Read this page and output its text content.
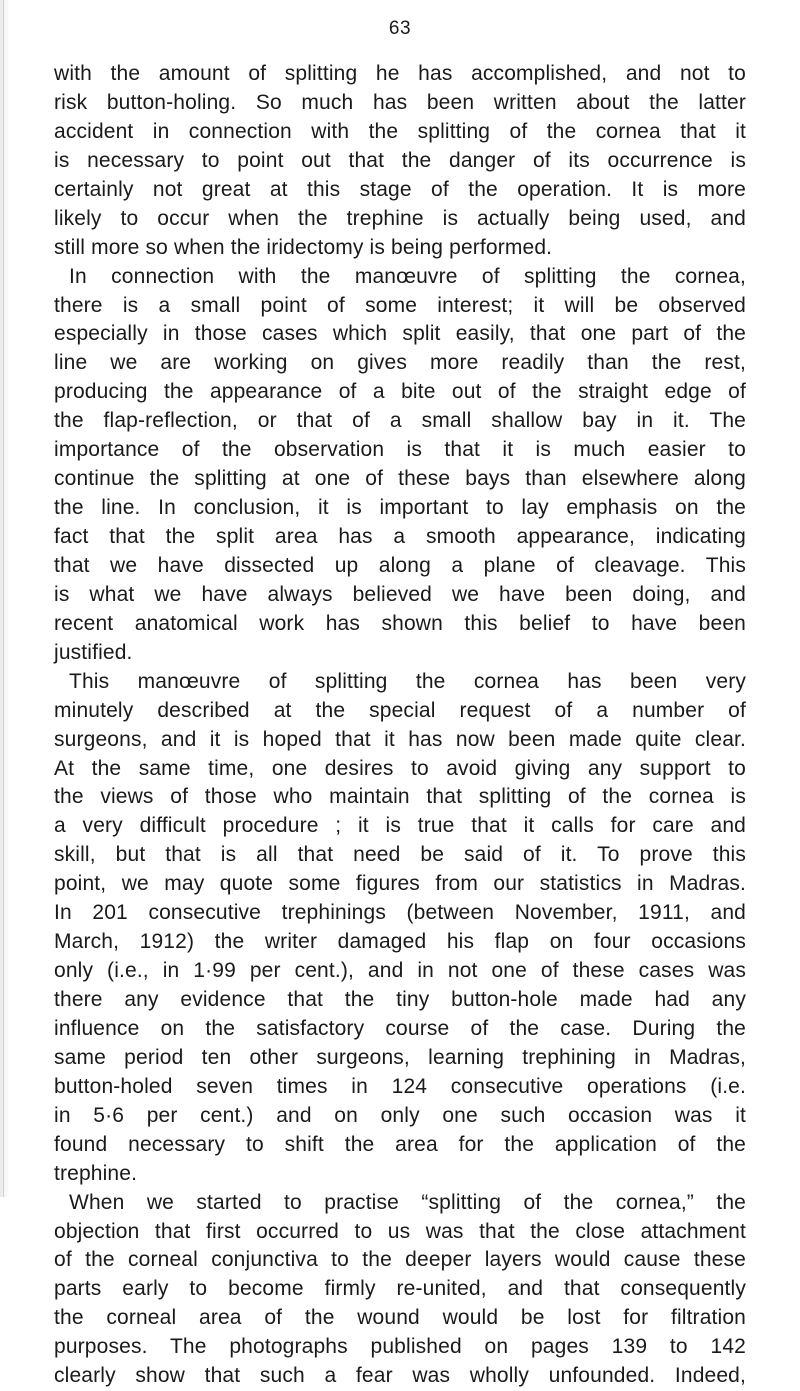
63
with the amount of splitting he has accomplished, and not to
risk button-holing. So much has been written about the latter
accident in connection with the splitting of the cornea that it
is necessary to point out that the danger of its occurrence is
certainly not great at this stage of the operation. It is more
likely to occur when the trephine is actually being used, and
still more so when the iridectomy is being performed.
In connection with the manœuvre of splitting the cornea,
there is a small point of some interest; it will be observed
especially in those cases which split easily, that one part of the
line we are working on gives more readily than the rest,
producing the appearance of a bite out of the straight edge of
the flap-reflection, or that of a small shallow bay in it. The
importance of the observation is that it is much easier to
continue the splitting at one of these bays than elsewhere along
the line. In conclusion, it is important to lay emphasis on the
fact that the split area has a smooth appearance, indicating
that we have dissected up along a plane of cleavage. This
is what we have always believed we have been doing, and
recent anatomical work has shown this belief to have been
justified.
This manœuvre of splitting the cornea has been very
minutely described at the special request of a number of
surgeons, and it is hoped that it has now been made quite clear.
At the same time, one desires to avoid giving any support to
the views of those who maintain that splitting of the cornea is
a very difficult procedure ; it is true that it calls for care and
skill, but that is all that need be said of it. To prove this
point, we may quote some figures from our statistics in Madras.
In 201 consecutive trephinings (between November, 1911, and
March, 1912) the writer damaged his flap on four occasions
only (i.e., in 1·99 per cent.), and in not one of these cases was
there any evidence that the tiny button-hole made had any
influence on the satisfactory course of the case. During the
same period ten other surgeons, learning trephining in Madras,
button-holed seven times in 124 consecutive operations (i.e.
in 5·6 per cent.) and on only one such occasion was it
found necessary to shift the area for the application of the
trephine.
When we started to practise “splitting of the cornea,” the
objection that first occurred to us was that the close attachment
of the corneal conjunctiva to the deeper layers would cause these
parts early to become firmly re-united, and that consequently
the corneal area of the wound would be lost for filtration
purposes. The photographs published on pages 139 to 142
clearly show that such a fear was wholly unfounded. Indeed,
